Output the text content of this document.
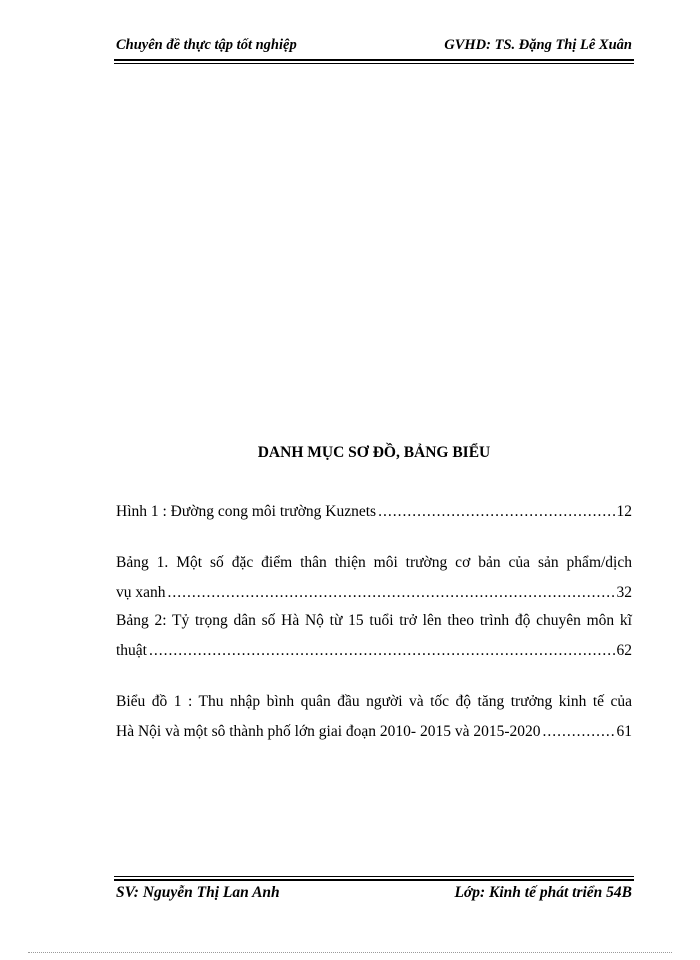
Chuyên đề thực tập tốt nghiệp	GVHD: TS. Đặng Thị Lê Xuân
DANH MỤC SƠ ĐỒ, BẢNG BIỂU
Hình 1 : Đường cong môi trường Kuznets .....	12
Bảng 1. Một số đặc điểm thân thiện môi trường cơ bản của sản phẩm/dịch
vụ xanh .....	32
Bảng 2: Tỷ trọng dân số Hà Nộ từ 15 tuổi trở lên theo trình độ chuyên môn kĩ
thuật .....	62
Biểu đồ 1 : Thu nhập bình quân đầu người và tốc độ tăng trưởng kinh tế của
Hà Nội và một sô thành phố lớn giai đoạn 2010- 2015 và 2015-2020 .....	61
SV: Nguyễn Thị Lan Anh	Lớp: Kinh tế phát triển 54B
